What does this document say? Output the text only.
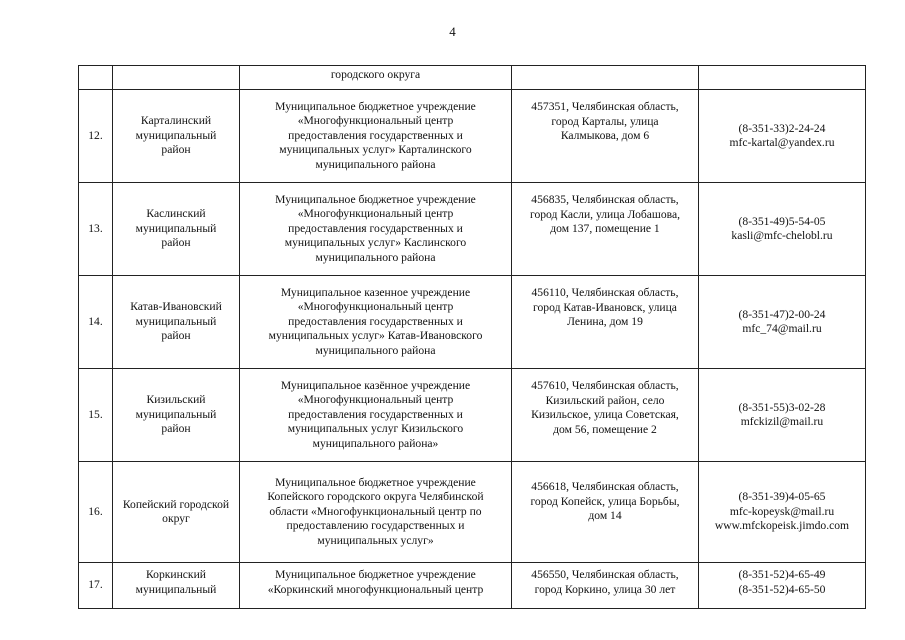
4

		городского округа		

12.	Карталинский
муниципальный
район	Муниципальное бюджетное учреждение
«Многофункциональный центр
предоставления государственных и
муниципальных услуг» Карталинского
муниципального района	457351, Челябинская область,
город Карталы, улица
Калмыкова, дом 6	(8-351-33)2-24-24
mfc-kartal@yandex.ru

13.	Каслинский
муниципальный
район	Муниципальное бюджетное учреждение
«Многофункциональный центр
предоставления государственных и
муниципальных услуг» Каслинского
муниципального района	456835, Челябинская область,
город Касли, улица Лобашова,
дом 137, помещение 1	(8-351-49)5-54-05
kasli@mfc-chelobl.ru

14.	Катав-Ивановский
муниципальный
район	Муниципальное казенное учреждение
«Многофункциональный центр
предоставления государственных и
муниципальных услуг» Катав-Ивановского
муниципального района	456110, Челябинская область,
город Катав-Ивановск, улица
Ленина, дом 19	(8-351-47)2-00-24
mfc_74@mail.ru

15.	Кизильский
муниципальный
район	Муниципальное казённое учреждение
«Многофункциональный центр
предоставления государственных и
муниципальных услуг Кизильского
муниципального района»	457610, Челябинская область,
Кизильский район, село
Кизильское, улица Советская,
дом 56, помещение 2	(8-351-55)3-02-28
mfckizil@mail.ru

16.	Копейский городской
округ	Муниципальное бюджетное учреждение
Копейского городского округа Челябинской
области «Многофункциональный центр по
предоставлению государственных и
муниципальных услуг»	456618, Челябинская область,
город Копейск, улица Борьбы,
дом 14	(8-351-39)4-05-65
mfc-kopeysk@mail.ru
www.mfckopeisk.jimdo.com

17.	Коркинский
муниципальный	Муниципальное бюджетное учреждение
«Коркинский многофункциональный центр	456550, Челябинская область,
город Коркино, улица 30 лет	(8-351-52)4-65-49
(8-351-52)4-65-50
